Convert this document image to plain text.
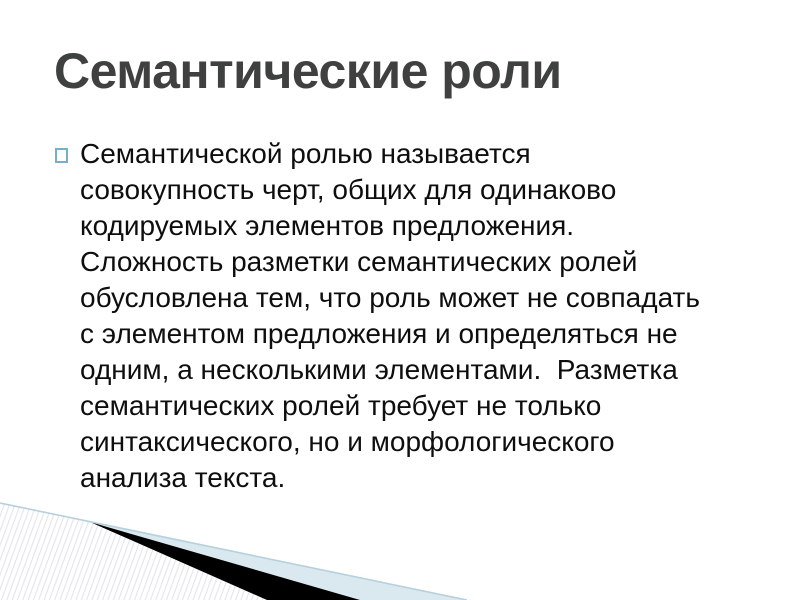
Семантические роли
Семантической ролью называется
совокупность черт, общих для одинаково
кодируемых элементов предложения.
Сложность разметки семантических ролей
обусловлена тем, что роль может не совпадать
с элементом предложения и определяться не
одним, а несколькими элементами.  Разметка
семантических ролей требует не только
синтаксического, но и морфологического
анализа текста.
